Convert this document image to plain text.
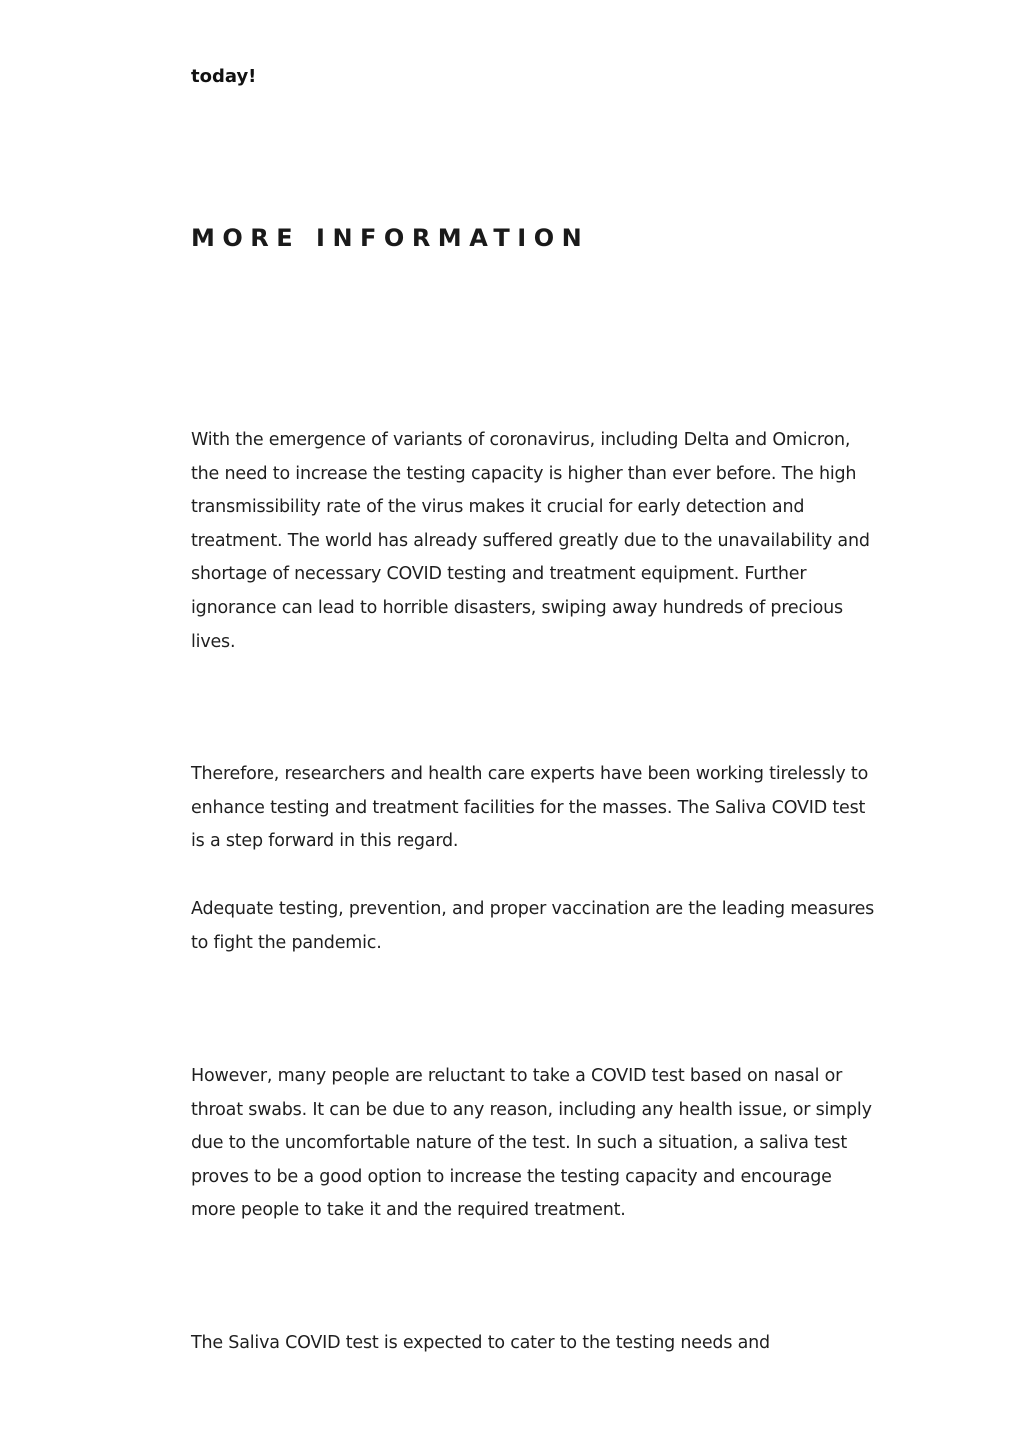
today!
MORE INFORMATION

With the emergence of variants of coronavirus, including Delta and Omicron, the need to increase the testing capacity is higher than ever before. The high transmissibility rate of the virus makes it crucial for early detection and treatment. The world has already suffered greatly due to the unavailability and shortage of necessary COVID testing and treatment equipment. Further ignorance can lead to horrible disasters, swiping away hundreds of precious lives.

Therefore, researchers and health care experts have been working tirelessly to enhance testing and treatment facilities for the masses. The Saliva COVID test is a step forward in this regard.

Adequate testing, prevention, and proper vaccination are the leading measures to fight the pandemic.

However, many people are reluctant to take a COVID test based on nasal or throat swabs. It can be due to any reason, including any health issue, or simply due to the uncomfortable nature of the test. In such a situation, a saliva test proves to be a good option to increase the testing capacity and encourage more people to take it and the required treatment.

The Saliva COVID test is expected to cater to the testing needs and
